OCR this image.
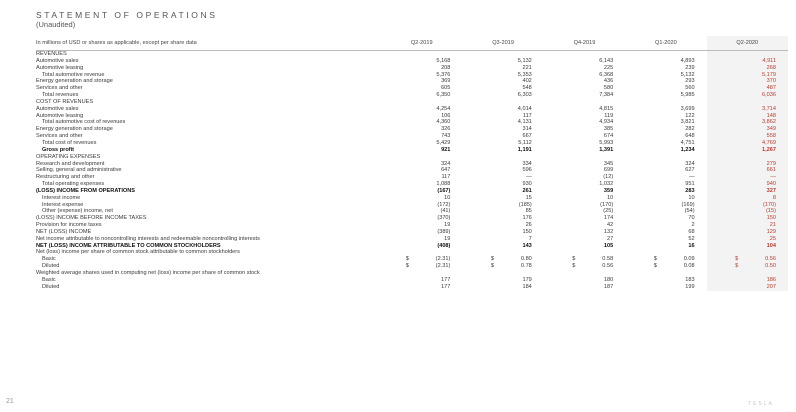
STATEMENT OF OPERATIONS
(Unaudited)
In millions of USD or shares as applicable, except per share data	Q2-2019	Q3-2019	Q4-2019	Q1-2020	Q2-2020
REVENUES					
Automotive sales	5,168	5,132	6,143	4,893	4,911
Automotive leasing	208	221	225	239	268
Total automotive revenue	5,376	5,353	6,368	5,132	5,179
Energy generation and storage	369	402	436	293	370
Services and other	605	548	580	560	487
Total revenues	6,350	6,303	7,384	5,985	6,036
COST OF REVENUES					
Automotive sales	4,254	4,014	4,815	3,699	3,714
Automotive leasing	106	117	119	122	148
Total automotive cost of revenues	4,360	4,131	4,934	3,821	3,862
Energy generation and storage	326	314	385	282	349
Services and other	743	667	674	648	558
Total cost of revenues	5,429	5,112	5,993	4,751	4,769
Gross profit	921	1,191	1,391	1,234	1,267
OPERATING EXPENSES					
Research and development	324	334	345	324	279
Selling, general and administrative	647	596	699	627	661
Restructuring and other	117	—	(12)	—	—
Total operating expenses	1,088	930	1,032	951	940
(LOSS) INCOME FROM OPERATIONS	(167)	261	359	283	327
Interest income	10	15	10	10	8
Interest expense	(172)	(185)	(170)	(169)	(170)
Other (expense) income, net	(41)	85	(25)	(54)	(15)
(LOSS) INCOME BEFORE INCOME TAXES	(370)	176	174	70	150
Provision for income taxes	19	26	42	2	21
NET (LOSS) INCOME	(389)	150	132	68	129
Net income attributable to noncontrolling interests and redeemable noncontrolling interests	19	7	27	52	25
NET (LOSS) INCOME ATTRIBUTABLE TO COMMON STOCKHOLDERS	(408)	143	105	16	104
Net (loss) income per share of common stock attributable to common stockholders					
Basic	$ (2.31)	$ 0.80	$ 0.58	$ 0.09	$ 0.56
Diluted	$ (2.31)	$ 0.78	$ 0.56	$ 0.08	$ 0.50
Weighted average shares used in computing net (loss) income per share of common stock					
Basic	177	179	180	183	186
Diluted	177	184	187	199	207
21	TESLA
